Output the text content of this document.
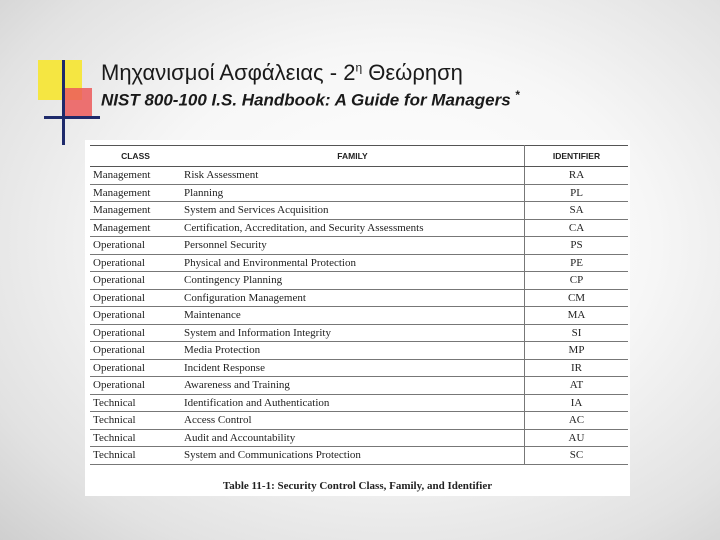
Μηχανισμοί Ασφάλειας - $2^\eta$ Θεώρηση
NIST 800-100 I.S. Handbook: A Guide for Managers *
CLASS	FAMILY	IDENTIFIER
Management	Risk Assessment	RA
Management	Planning	PL
Management	System and Services Acquisition	SA
Management	Certification, Accreditation, and Security Assessments	CA
Operational	Personnel Security	PS
Operational	Physical and Environmental Protection	PE
Operational	Contingency Planning	CP
Operational	Configuration Management	CM
Operational	Maintenance	MA
Operational	System and Information Integrity	SI
Operational	Media Protection	MP
Operational	Incident Response	IR
Operational	Awareness and Training	AT
Technical	Identification and Authentication	IA
Technical	Access Control	AC
Technical	Audit and Accountability	AU
Technical	System and Communications Protection	SC
Table 11-1: Security Control Class, Family, and Identifier
